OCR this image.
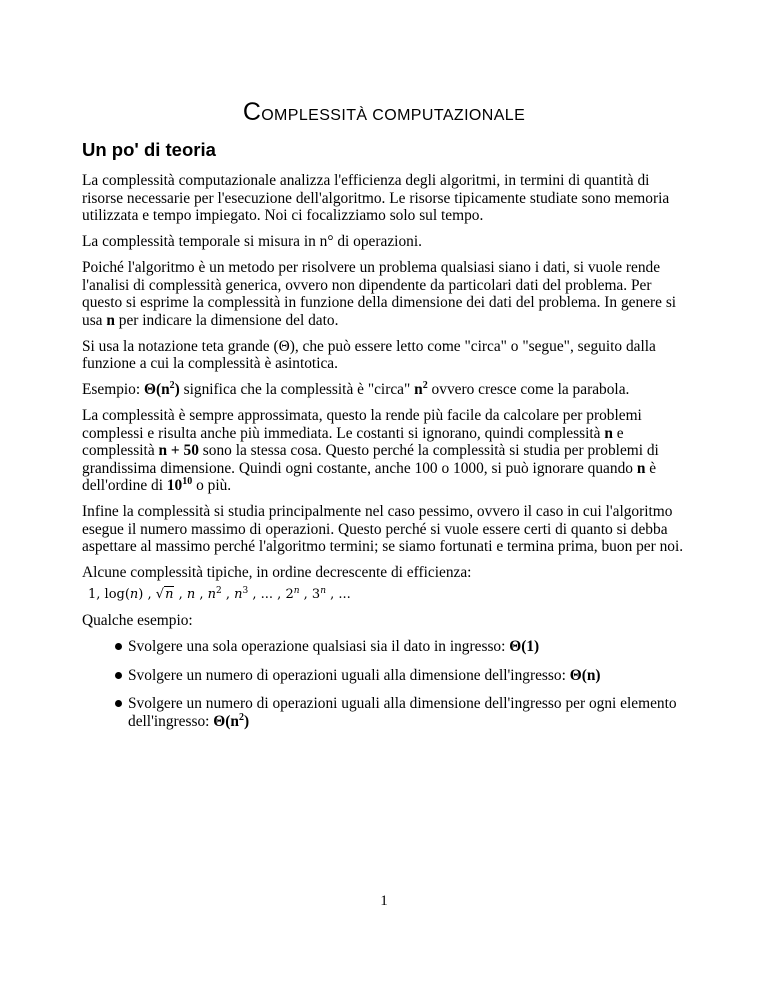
COMPLESSITÀ COMPUTAZIONALE
Un po' di teoria

La complessità computazionale analizza l'efficienza degli algoritmi, in termini di quantità di risorse necessarie per l'esecuzione dell'algoritmo. Le risorse tipicamente studiate sono memoria utilizzata e tempo impiegato. Noi ci focalizziamo solo sul tempo.

La complessità temporale si misura in n° di operazioni.

Poiché l'algoritmo è un metodo per risolvere un problema qualsiasi siano i dati, si vuole rende l'analisi di complessità generica, ovvero non dipendente da particolari dati del problema. Per questo si esprime la complessità in funzione della dimensione dei dati del problema. In genere si usa n per indicare la dimensione del dato.

Si usa la notazione teta grande (Θ), che può essere letto come "circa" o "segue", seguito dalla funzione a cui la complessità è asintotica.

Esempio: $\Theta(n^2)$ significa che la complessità è "circa" $n^2$ ovvero cresce come la parabola.

La complessità è sempre approssimata, questo la rende più facile da calcolare per problemi complessi e risulta anche più immediata. Le costanti si ignorano, quindi complessità n e complessità n + 50 sono la stessa cosa. Questo perché la complessità si studia per problemi di grandissima dimensione. Quindi ogni costante, anche 100 o 1000, si può ignorare quando n è dell'ordine di $10^{10}$ o più.

Infine la complessità si studia principalmente nel caso pessimo, ovvero il caso in cui l'algoritmo esegue il numero massimo di operazioni. Questo perché si vuole essere certi di quanto si debba aspettare al massimo perché l'algoritmo termini; se siamo fortunati e termina prima, buon per noi.

Alcune complessità tipiche, in ordine decrescente di efficienza:

1, log(n) , √n , n , $n^2$ , $n^3$ , ... , 2$^n$ , 3$^n$ , ...

Qualche esempio:

Svolgere una sola operazione qualsiasi sia il dato in ingresso: Θ(1)
Svolgere un numero di operazioni uguali alla dimensione dell'ingresso: Θ(n)
Svolgere un numero di operazioni uguali alla dimensione dell'ingresso per ogni elemento dell'ingresso: $\Theta(n^2)$
1
